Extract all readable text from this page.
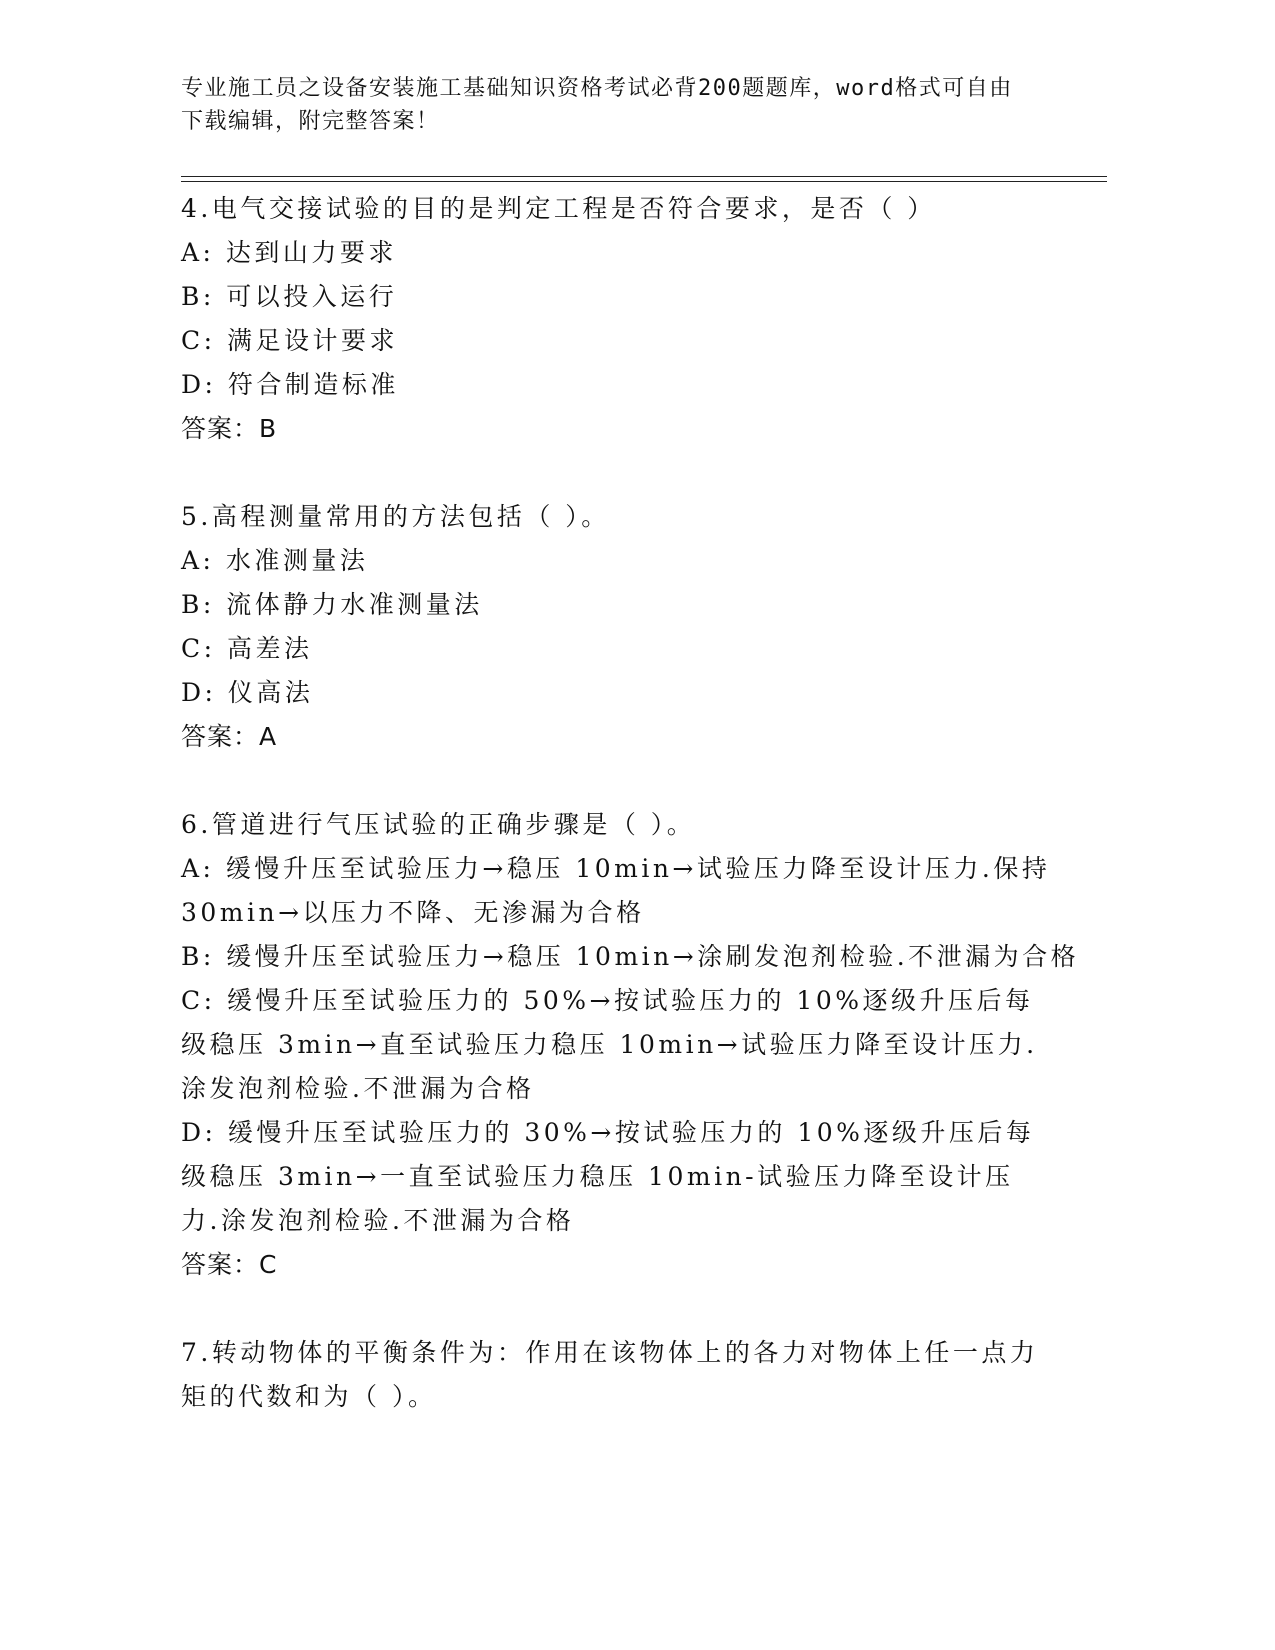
专业施工员之设备安装施工基础知识资格考试必背200题题库，word格式可自由
下载编辑，附完整答案！
4.电气交接试验的目的是判定工程是否符合要求，是否（ ）
A: 达到山力要求
B: 可以投入运行
C: 满足设计要求
D: 符合制造标准
答案：B
5.高程测量常用的方法包括（ ）。
A: 水准测量法
B: 流体静力水准测量法
C: 高差法
D: 仪高法
答案：A
6.管道进行气压试验的正确步骤是（ ）。
A: 缓慢升压至试验压力→稳压 10min→试验压力降至设计压力.保持30min→以压力不降、无渗漏为合格
B: 缓慢升压至试验压力→稳压 10min→涂刷发泡剂检验.不泄漏为合格
C: 缓慢升压至试验压力的 50%→按试验压力的 10%逐级升压后每级稳压 3min→直至试验压力稳压 10min→试验压力降至设计压力.涂发泡剂检验.不泄漏为合格
D: 缓慢升压至试验压力的 30%→按试验压力的 10%逐级升压后每级稳压 3min→一直至试验压力稳压 10min-试验压力降至设计压力.涂发泡剂检验.不泄漏为合格
答案：C
7.转动物体的平衡条件为：作用在该物体上的各力对物体上任一点力矩的代数和为（ ）。
